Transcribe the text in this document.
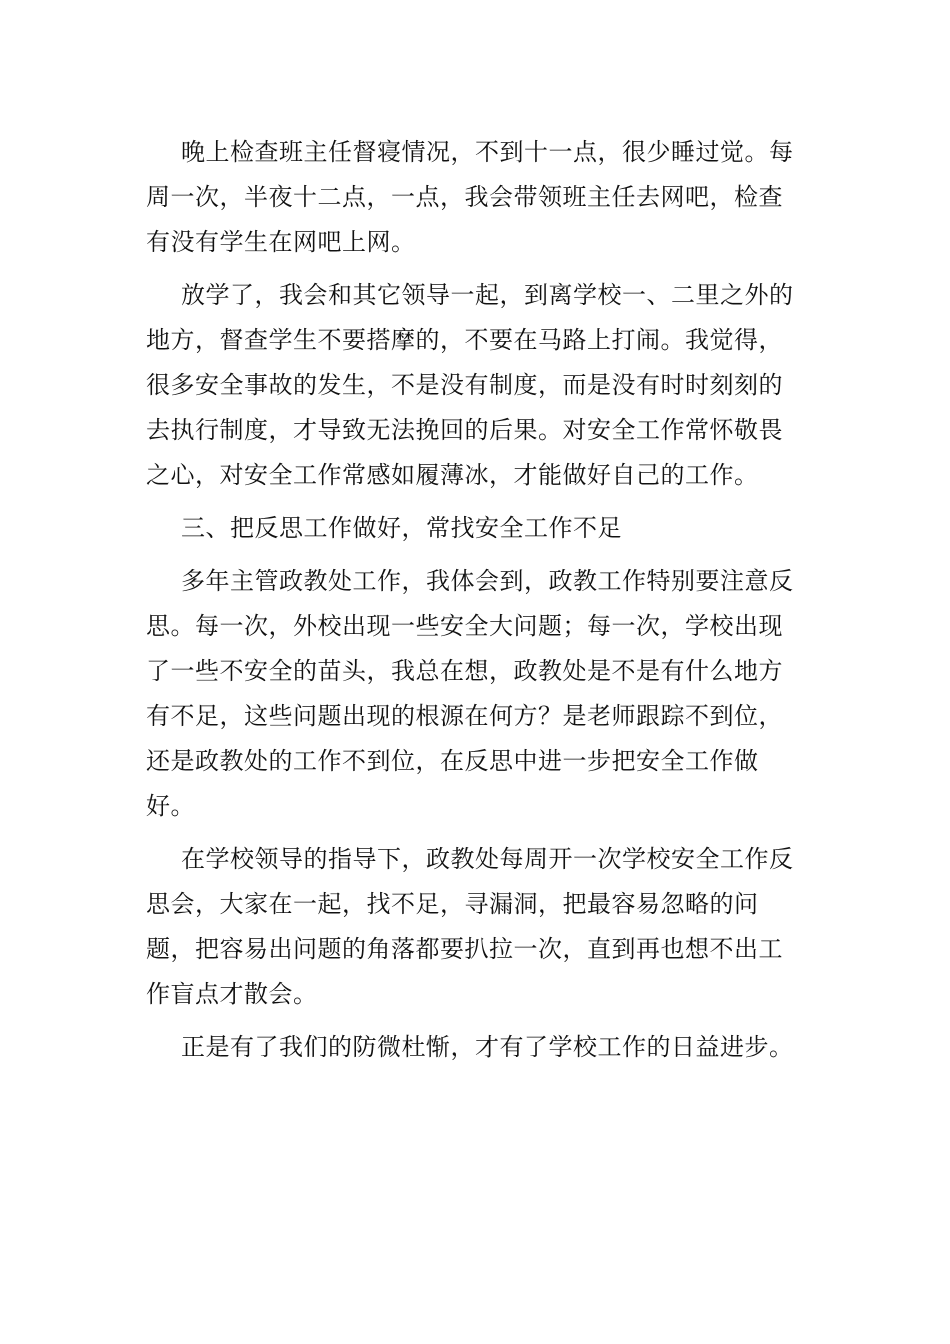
晚上检查班主任督寝情况，不到十一点，很少睡过觉。每周一次，半夜十二点，一点，我会带领班主任去网吧，检查有没有学生在网吧上网。

放学了，我会和其它领导一起，到离学校一、二里之外的地方，督查学生不要搭摩的，不要在马路上打闹。我觉得，很多安全事故的发生，不是没有制度，而是没有时时刻刻的去执行制度，才导致无法挽回的后果。对安全工作常怀敬畏之心，对安全工作常感如履薄冰，才能做好自己的工作。

三、把反思工作做好，常找安全工作不足

多年主管政教处工作，我体会到，政教工作特别要注意反思。每一次，外校出现一些安全大问题；每一次，学校出现了一些不安全的苗头，我总在想，政教处是不是有什么地方有不足，这些问题出现的根源在何方？是老师跟踪不到位，还是政教处的工作不到位，在反思中进一步把安全工作做好。

在学校领导的指导下，政教处每周开一次学校安全工作反思会，大家在一起，找不足，寻漏洞，把最容易忽略的问题，把容易出问题的角落都要扒拉一次，直到再也想不出工作盲点才散会。

正是有了我们的防微杜惭，才有了学校工作的日益进步。
